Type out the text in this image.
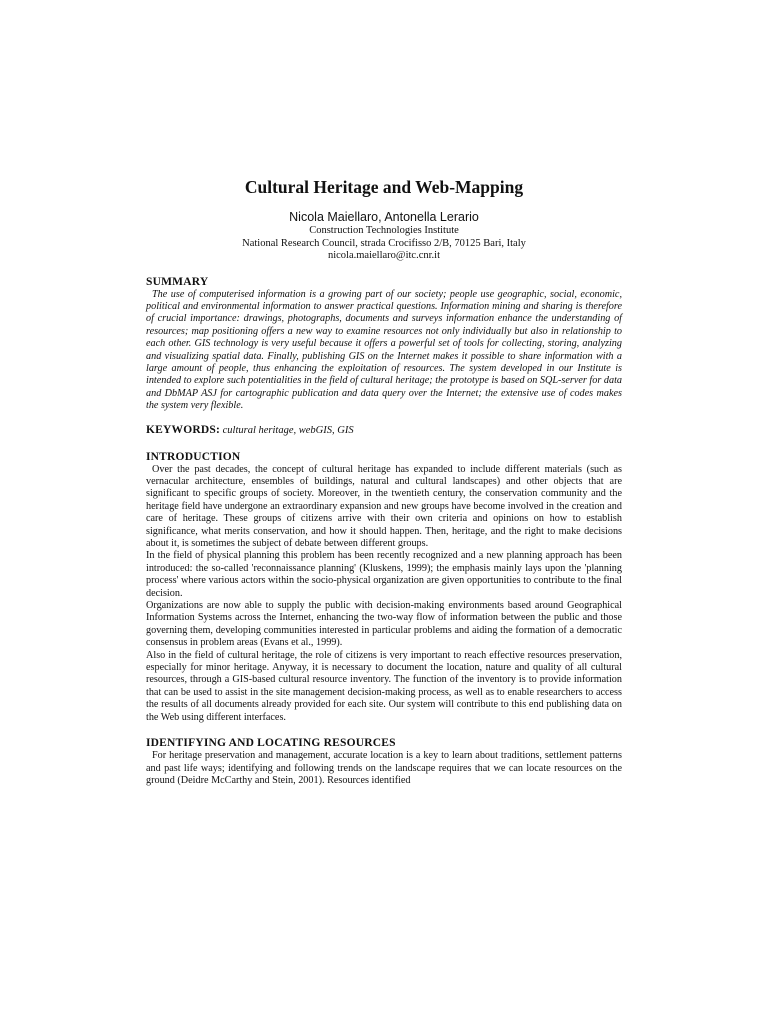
Cultural Heritage and Web-Mapping

Nicola Maiellaro, Antonella Lerario

Construction Technologies Institute

National Research Council, strada Crocifisso 2/B, 70125 Bari, Italy

nicola.maiellaro@itc.cnr.it

SUMMARY

The use of computerised information is a growing part of our society; people use geographic, social, economic, political and environmental information to answer practical questions. Information mining and sharing is therefore of crucial importance: drawings, photographs, documents and surveys information enhance the understanding of resources; map positioning offers a new way to examine resources not only individually but also in relationship to each other. GIS technology is very useful because it offers a powerful set of tools for collecting, storing, analyzing and visualizing spatial data. Finally, publishing GIS on the Internet makes it possible to share information with a large amount of people, thus enhancing the exploitation of resources. The system developed in our Institute is intended to explore such potentialities in the field of cultural heritage; the prototype is based on SQL-server for data and DbMAP ASJ for cartographic publication and data query over the Internet; the extensive use of codes makes the system very flexible.

KEYWORDS: cultural heritage, webGIS, GIS

INTRODUCTION

Over the past decades, the concept of cultural heritage has expanded to include different materials (such as vernacular architecture, ensembles of buildings, natural and cultural landscapes) and other objects that are significant to specific groups of society. Moreover, in the twentieth century, the conservation community and the heritage field have undergone an extraordinary expansion and new groups have become involved in the creation and care of heritage. These groups of citizens arrive with their own criteria and opinions on how to establish significance, what merits conservation, and how it should happen. Then, heritage, and the right to make decisions about it, is sometimes the subject of debate between different groups.

In the field of physical planning this problem has been recently recognized and a new planning approach has been introduced: the so-called 'reconnaissance planning' (Kluskens, 1999); the emphasis mainly lays upon the 'planning process' where various actors within the socio-physical organization are given opportunities to contribute to the final decision.

Organizations are now able to supply the public with decision-making environments based around Geographical Information Systems across the Internet, enhancing the two-way flow of information between the public and those governing them, developing communities interested in particular problems and aiding the formation of a democratic consensus in problem areas (Evans et al., 1999).

Also in the field of cultural heritage, the role of citizens is very important to reach effective resources preservation, especially for minor heritage. Anyway, it is necessary to document the location, nature and quality of all cultural resources, through a GIS-based cultural resource inventory. The function of the inventory is to provide information that can be used to assist in the site management decision-making process, as well as to enable researchers to access the results of all documents already provided for each site. Our system will contribute to this end publishing data on the Web using different interfaces.

IDENTIFYING AND LOCATING RESOURCES

For heritage preservation and management, accurate location is a key to learn about traditions, settlement patterns and past life ways; identifying and following trends on the landscape requires that we can locate resources on the ground (Deidre McCarthy and Stein, 2001). Resources identified
